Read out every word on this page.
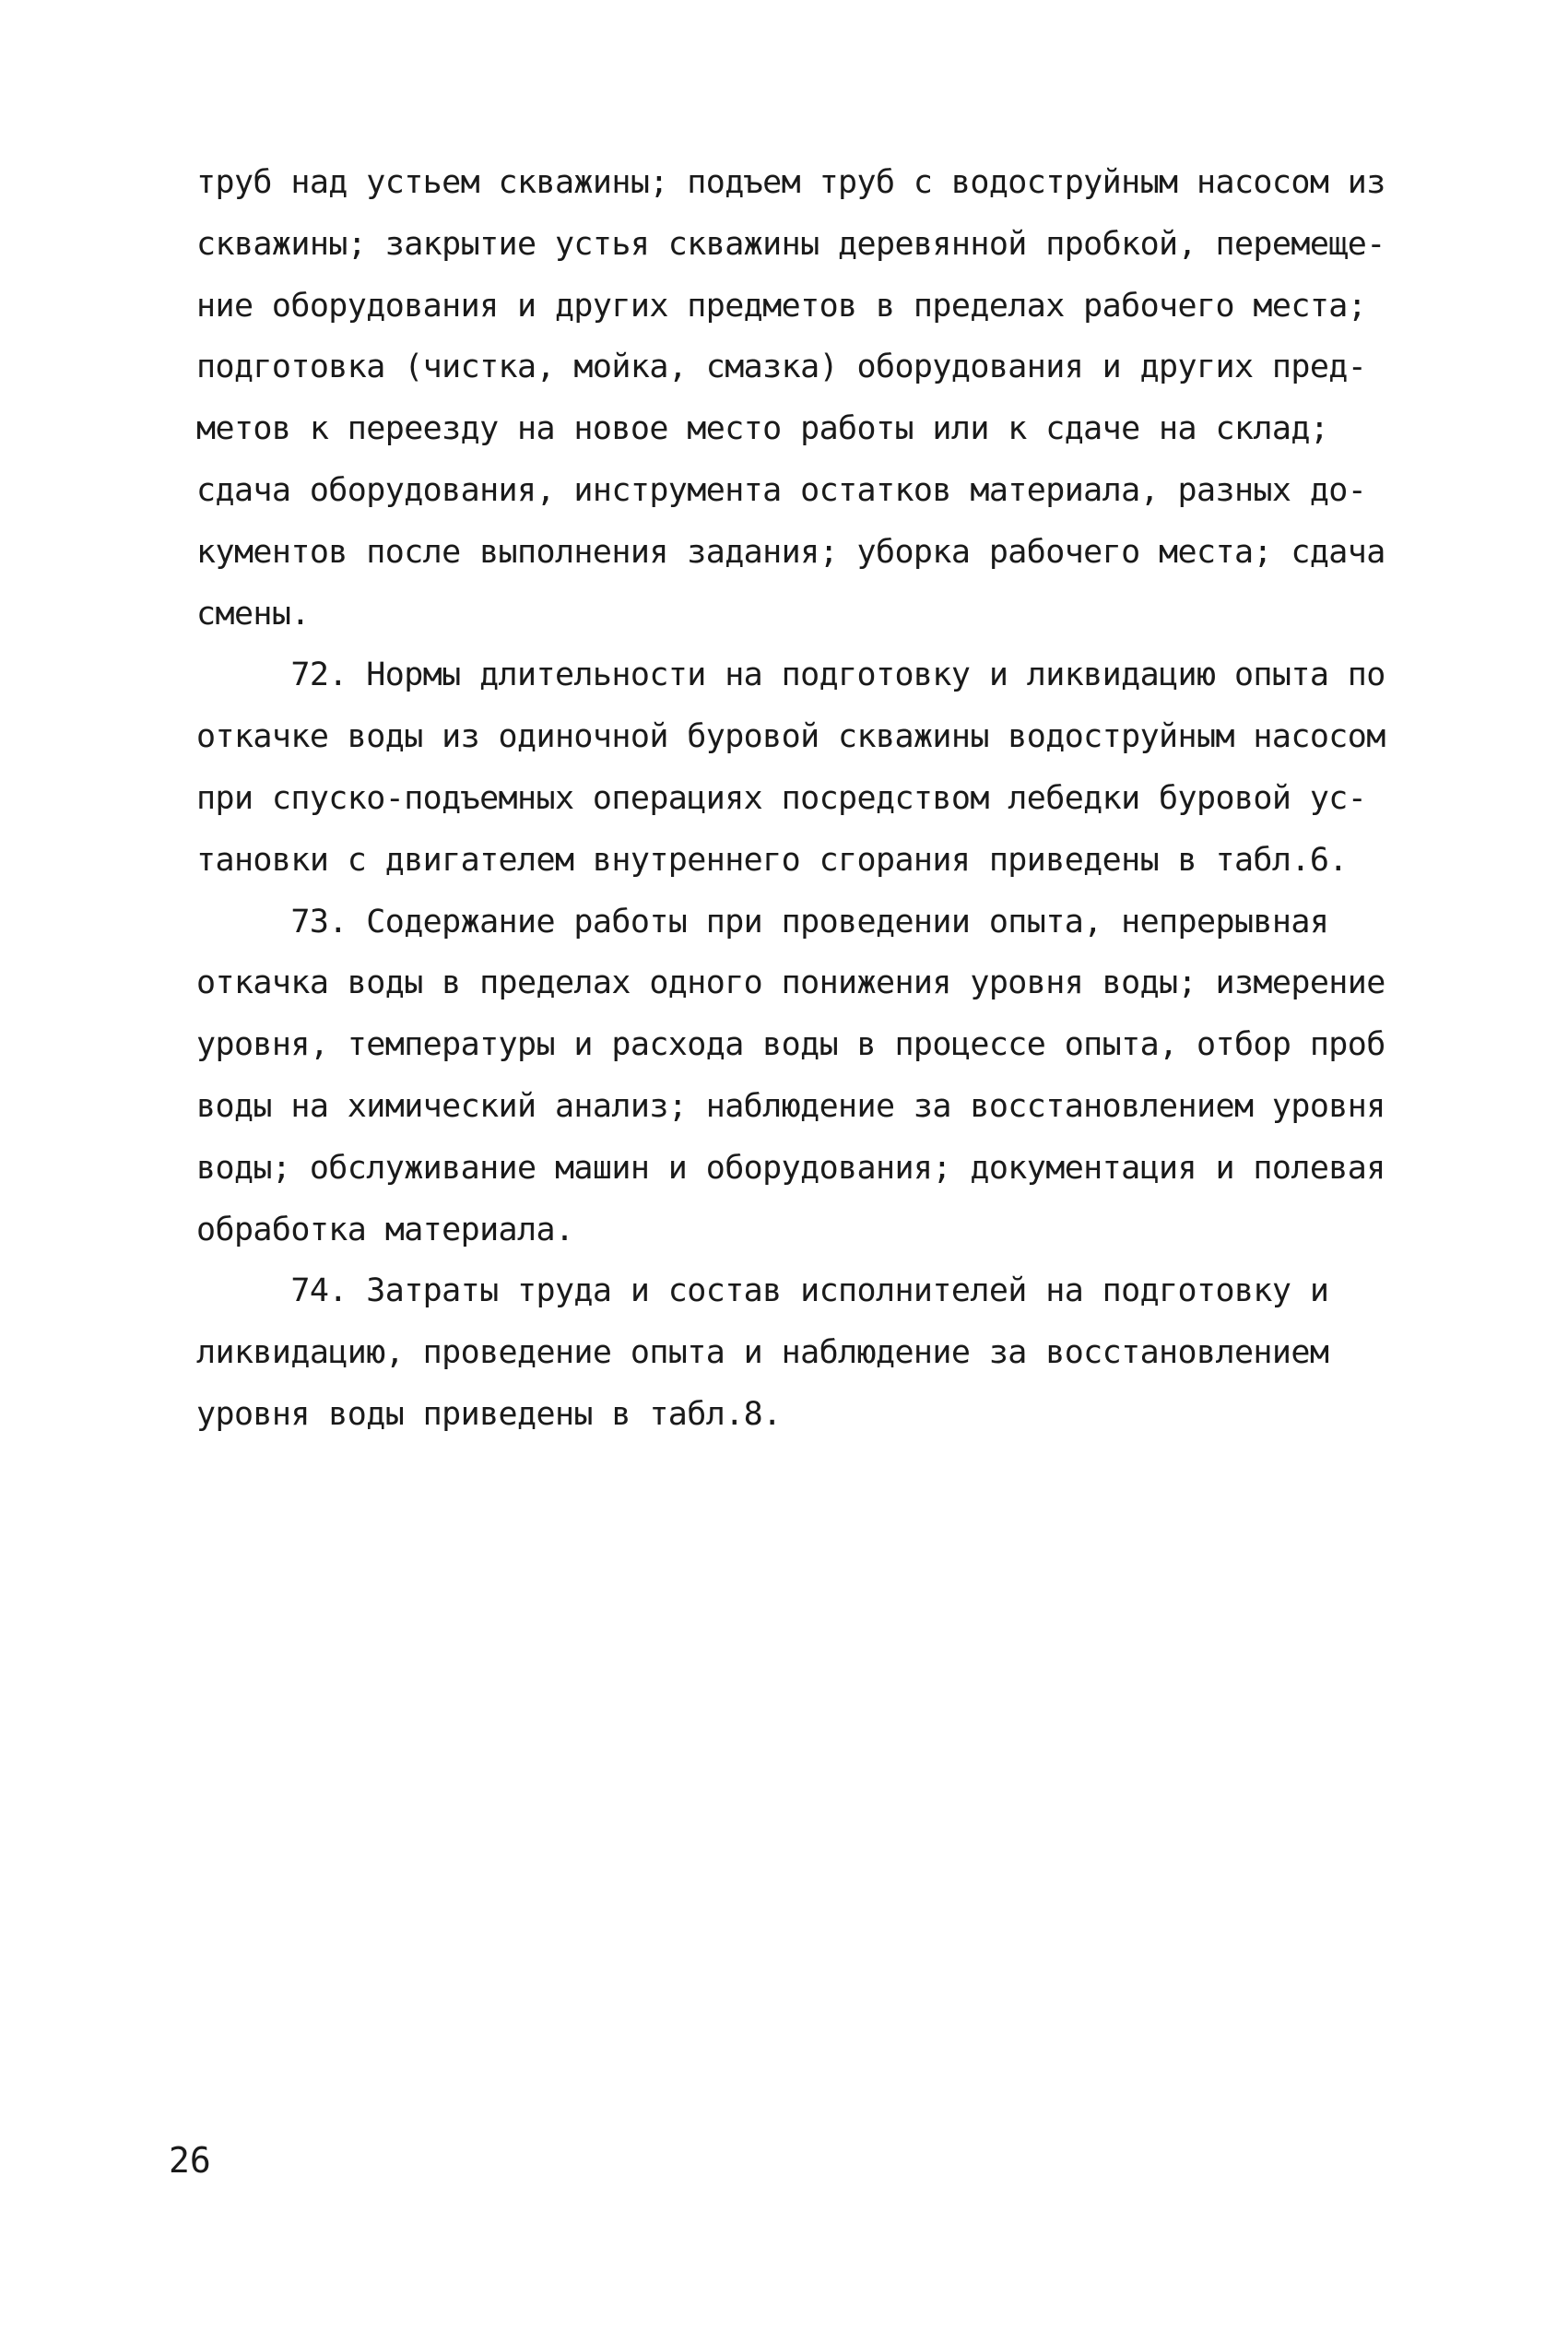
труб над устьем скважины; подъем труб с водоструйным насосом из
скважины; закрытие устья скважины деревянной пробкой, перемеще-
ние оборудования и других предметов в пределах рабочего места;
подготовка (чистка, мойка, смазка) оборудования и других пред-
метов к переезду на новое место работы или к сдаче на склад;
сдача оборудования, инструмента остатков материала, разных до-
кументов после выполнения задания; уборка рабочего места; сдача
смены.
72. Нормы длительности на подготовку и ликвидацию опыта по
откачке воды из одиночной буровой скважины водоструйным насосом
при спуско-подъемных операциях посредством лебедки буровой ус-
тановки с двигателем внутреннего сгорания приведены в табл.6.
73. Содержание работы при проведении опыта, непрерывная
откачка воды в пределах одного понижения уровня воды; измерение
уровня, температуры и расхода воды в процессе опыта, отбор проб
воды на химический анализ; наблюдение за восстановлением уровня
воды; обслуживание машин и оборудования; документация и полевая
обработка материала.
74. Затраты труда и состав исполнителей на подготовку и
ликвидацию, проведение опыта и наблюдение за восстановлением
уровня воды приведены в табл.8.
26
